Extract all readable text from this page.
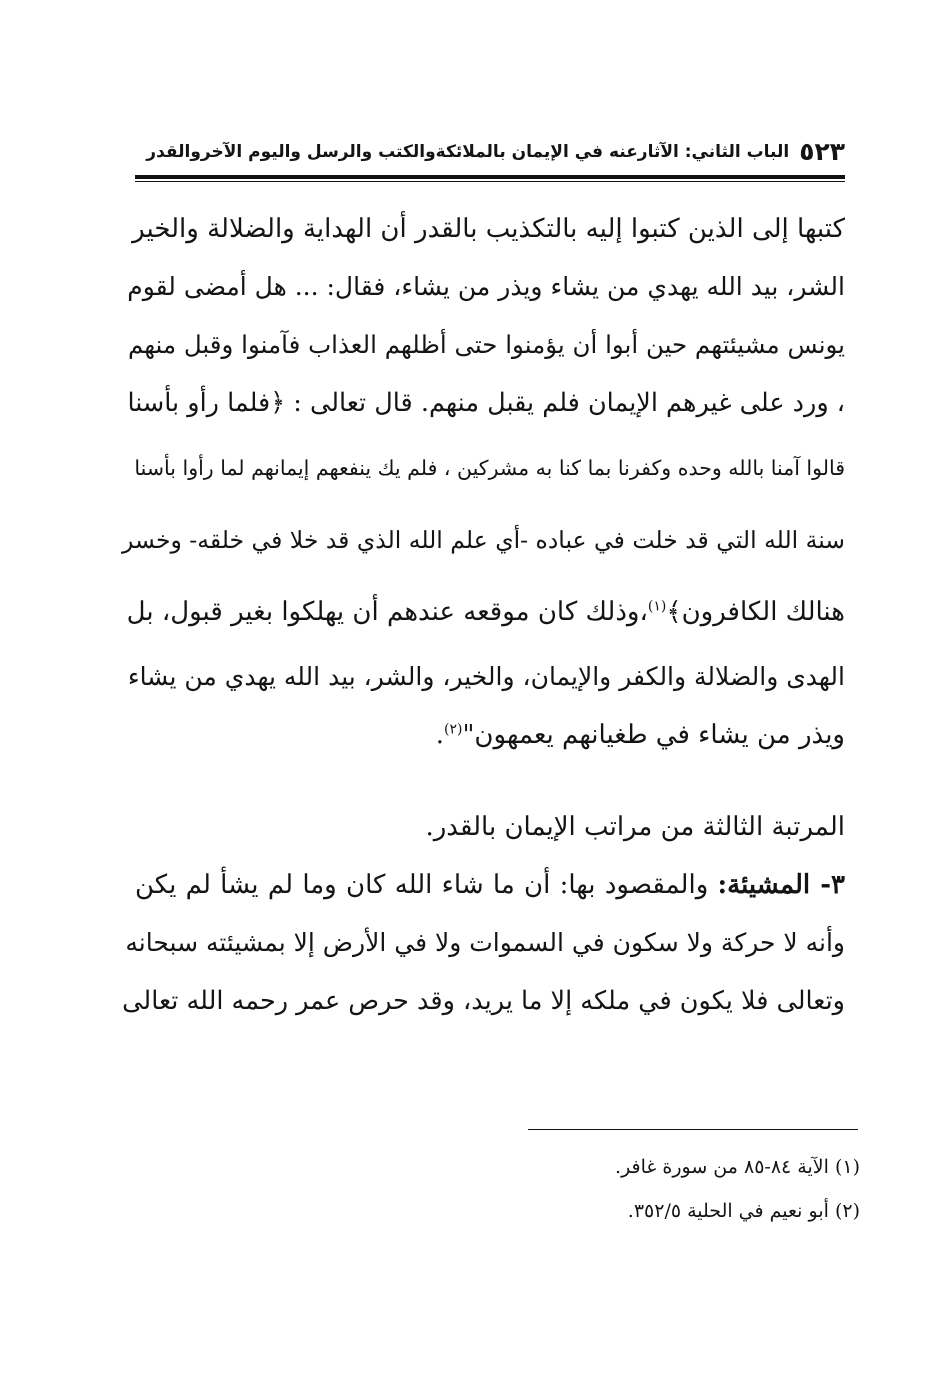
٥٢٣
الباب الثاني: الآثارعنه في الإيمان بالملائكةوالكتب والرسل واليوم الآخروالقدر
كتبها إلى الذين كتبوا إليه بالتكذيب بالقدر أن الهداية والضلالة والخير
الشر، بيد الله يهدي من يشاء ويذر من يشاء، فقال: ... هل أمضى لقوم
يونس مشيئتهم حين أبوا أن يؤمنوا حتى أظلهم العذاب فآمنوا وقبل منهم
، ورد على غيرهم الإيمان فلم يقبل منهم. قال تعالى : ﴿فلما رأو بأسنا
قالوا آمنا بالله وحده وكفرنا بما كنا به مشركين ، فلم يك ينفعهم إيمانهم لما رأوا بأسنا
سنة الله التي قد خلت في عباده -أي علم الله الذي قد خلا في خلقه- وخسر
هنالك الكافرون﴾$^{(١)}$،وذلك كان موقعه عندهم أن يهلكوا بغير قبول، بل
الهدى والضلالة والكفر والإيمان، والخير، والشر، بيد الله يهدي من يشاء
ويذر من يشاء في طغيانهم يعمهون"$^{(٢)}$.
المرتبة الثالثة من مراتب الإيمان بالقدر.
٣- المشيئة: والمقصود بها: أن ما شاء الله كان وما لم يشأ لم يكن
وأنه لا حركة ولا سكون في السموات ولا في الأرض إلا بمشيئته سبحانه
وتعالى فلا يكون في ملكه إلا ما يريد، وقد حرص عمر رحمه الله تعالى
(١) الآية ٨٤-٨٥ من سورة غافر.
(٢) أبو نعيم في الحلية ٣٥٢/٥.
